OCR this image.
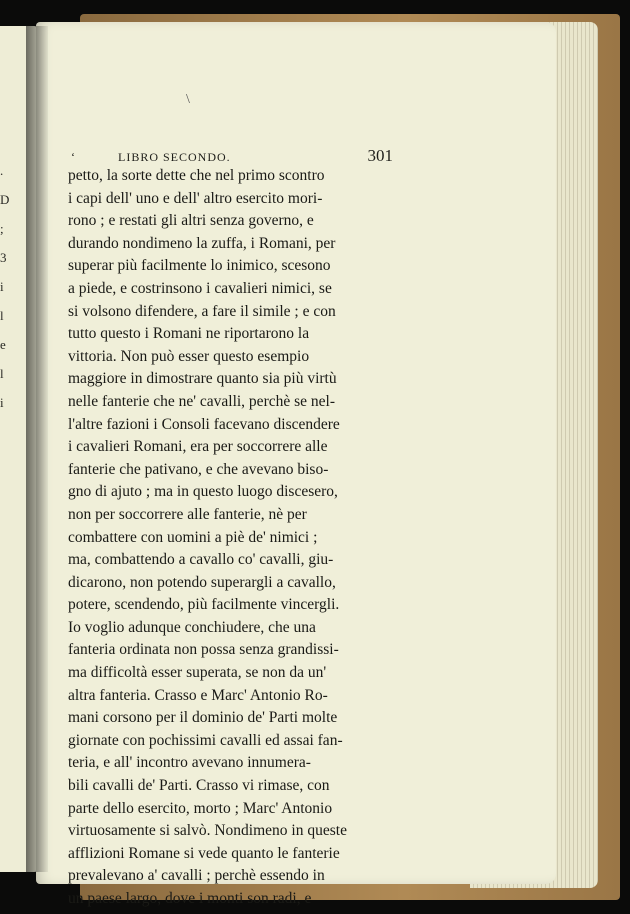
.
D
;
3
i
l
e
l
i
\
‘	LIBRO SECONDO.	301
petto, la sorte dette che nel primo scontro
i capi dell' uno e dell' altro esercito mori-
rono ; e restati gli altri senza governo, e
durando nondimeno la zuffa, i Romani, per
superar più facilmente lo inimico, scesono
a piede, e costrinsono i cavalieri nimici, se
si volsono difendere, a fare il simile ; e con
tutto questo i Romani ne riportarono la
vittoria. Non può esser questo esempio
maggiore in dimostrare quanto sia più virtù
nelle fanterie che ne' cavalli, perchè se nel-
l'altre fazioni i Consoli facevano discendere
i cavalieri Romani, era per soccorrere alle
fanterie che pativano, e che avevano biso-
gno di ajuto ; ma in questo luogo discesero,
non per soccorrere alle fanterie, nè per
combattere con uomini a piè de' nimici ;
ma, combattendo a cavallo co' cavalli, giu-
dicarono, non potendo superargli a cavallo,
potere, scendendo, più facilmente vincergli.
Io voglio adunque conchiudere, che una
fanteria ordinata non possa senza grandissi-
ma difficoltà esser superata, se non da un'
altra fanteria. Crasso e Marc' Antonio Ro-
mani corsono per il dominio de' Parti molte
giornate con pochissimi cavalli ed assai fan-
teria, e all' incontro avevano innumera-
bili cavalli de' Parti. Crasso vi rimase, con
parte dello esercito, morto ; Marc' Antonio
virtuosamente si salvò. Nondimeno in queste
afflizioni Romane si vede quanto le fanterie
prevalevano a' cavalli ; perchè essendo in
un paese largo, dove i monti son radi, e
